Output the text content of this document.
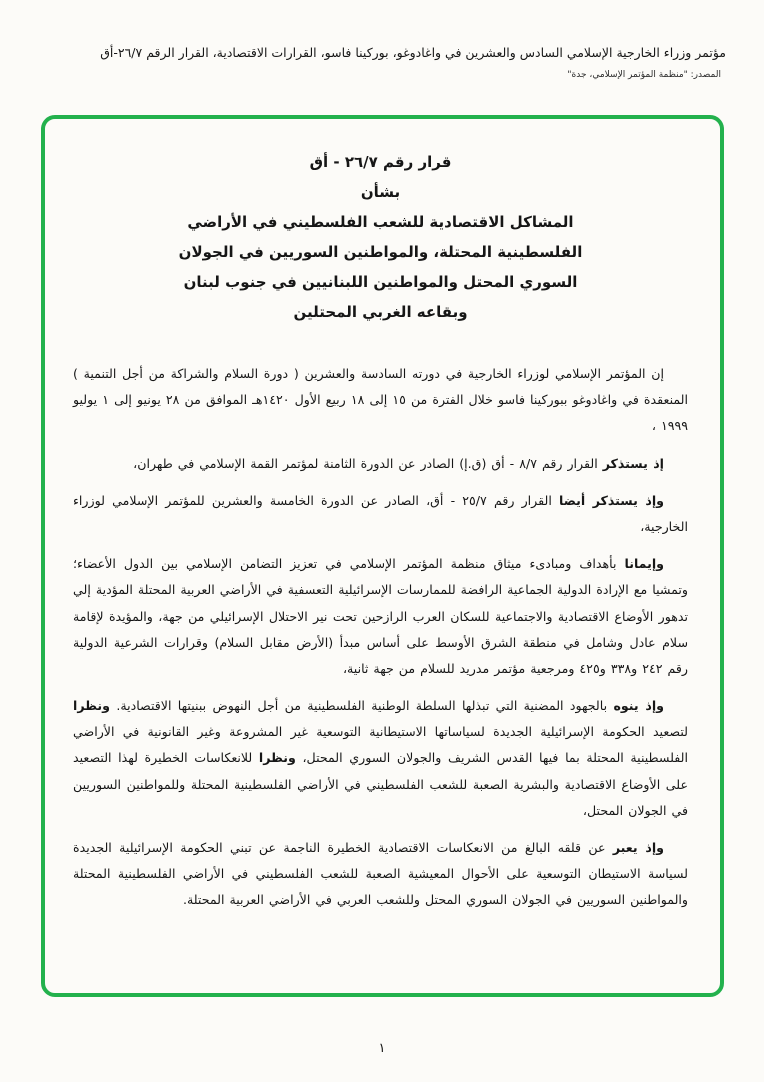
مؤتمر وزراء الخارجية الإسلامي السادس والعشرين في واغادوغو، بوركينا فاسو، القرارات الاقتصادية، القرار الرقم ٢٦/٧-أق
المصدر: "منظمة المؤتمر الإسلامي، جدة"
قرار رقم ٢٦/٧ - أق
بشأن
المشاكل الاقتصادية للشعب الفلسطيني في الأراضي
الفلسطينية المحتلة، والمواطنين السوريين في الجولان
السوري المحتل والمواطنين اللبنانيين في جنوب لبنان
وبقاعه الغربي المحتلين

إن المؤتمر الإسلامي لوزراء الخارجية في دورته السادسة والعشرين ( دورة السلام والشراكة من أجل التنمية ) المنعقدة في واغادوغو ببوركينا فاسو خلال الفترة من ١٥ إلى ١٨ ربيع الأول ١٤٢٠هـ الموافق من ٢٨ يونيو إلى ١ يوليو ١٩٩٩ ،

إذ يستذكر القرار رقم ٨/٧ - أق (ق.إ) الصادر عن الدورة الثامنة لمؤتمر القمة الإسلامي في طهران،

وإذ يستذكر أيضا القرار رقم ٢٥/٧ - أق، الصادر عن الدورة الخامسة والعشرين للمؤتمر الإسلامي لوزراء الخارجية،

وإيمانا بأهداف ومبادىء ميثاق منظمة المؤتمر الإسلامي في تعزيز التضامن الإسلامي بين الدول الأعضاء؛ وتمشيا مع الإرادة الدولية الجماعية الرافضة للممارسات الإسرائيلية التعسفية في الأراضي العربية المحتلة المؤدية إلي تدهور الأوضاع الاقتصادية والاجتماعية للسكان العرب الرازحين تحت نير الاحتلال الإسرائيلي من جهة، والمؤيدة لإقامة سلام عادل وشامل في منطقة الشرق الأوسط على أساس مبدأ (الأرض مقابل السلام) وقرارات الشرعية الدولية رقم ٢٤٢ و٣٣٨ و٤٢٥ ومرجعية مؤتمر مدريد للسلام من جهة ثانية،

وإذ ينوه بالجهود المضنية التي تبذلها السلطة الوطنية الفلسطينية من أجل النهوض ببنيتها الاقتصادية. ونظرا لتصعيد الحكومة الإسرائيلية الجديدة لسياساتها الاستيطانية التوسعية غير المشروعة وغير القانونية في الأراضي الفلسطينية المحتلة بما فيها القدس الشريف والجولان السوري المحتل، ونظرا للانعكاسات الخطيرة لهذا التصعيد على الأوضاع الاقتصادية والبشرية الصعبة للشعب الفلسطيني في الأراضي الفلسطينية المحتلة وللمواطنين السوريين في الجولان المحتل،

وإذ يعبر عن قلقه البالغ من الانعكاسات الاقتصادية الخطيرة الناجمة عن تبني الحكومة الإسرائيلية الجديدة لسياسة الاستيطان التوسعية على الأحوال المعيشية الصعبة للشعب الفلسطيني في الأراضي الفلسطينية المحتلة والمواطنين السوريين في الجولان السوري المحتل وللشعب العربي في الأراضي العربية المحتلة.

١
